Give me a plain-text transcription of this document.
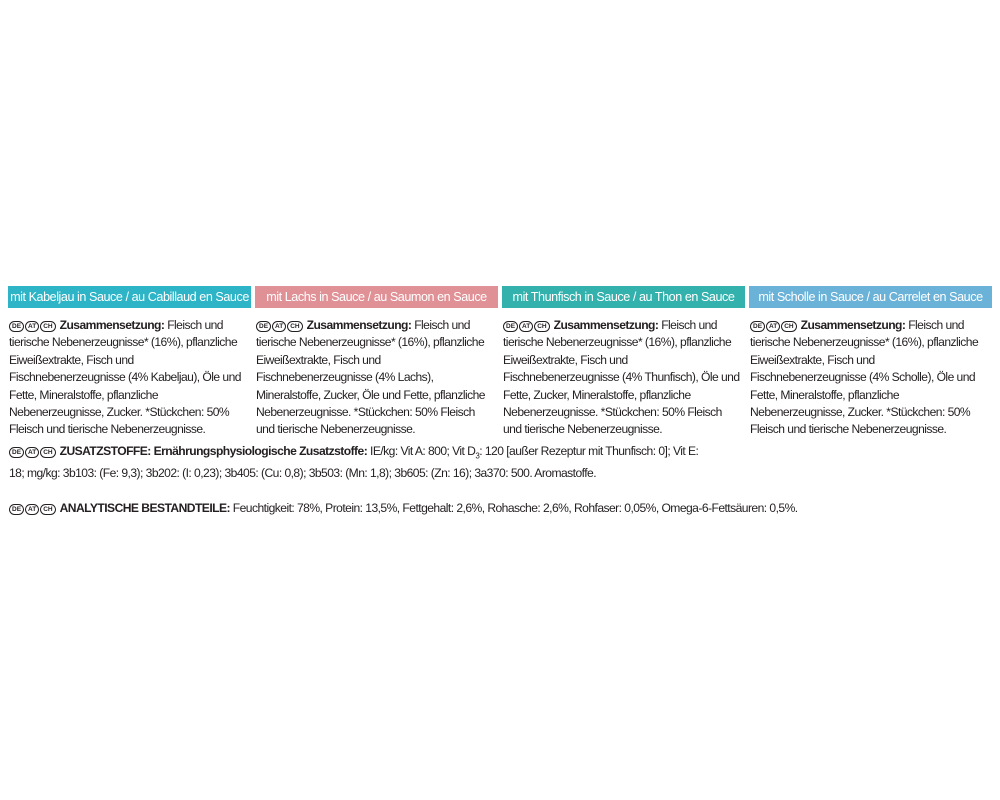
mit Kabeljau in Sauce / au Cabillaud en Sauce
DE	AT	CH Zusammensetzung: Fleisch und tierische Nebenerzeugnisse* (16%), pflanzliche Eiweißextrakte, Fisch und Fischnebenerzeugnisse (4% Kabeljau), Öle und Fette, Mineralstoffe, pflanzliche Nebenerzeugnisse, Zucker. *Stückchen: 50% Fleisch und tierische Nebenerzeugnisse.
mit Lachs in Sauce / au Saumon en Sauce
DE	AT	CH Zusammensetzung: Fleisch und tierische Nebenerzeugnisse* (16%), pflanzliche Eiweißextrakte, Fisch und Fischnebenerzeugnisse (4% Lachs), Mineralstoffe, Zucker, Öle und Fette, pflanzliche Nebenerzeugnisse. *Stückchen: 50% Fleisch und tierische Nebenerzeugnisse.
mit Thunfisch in Sauce / au Thon en Sauce
DE	AT	CH Zusammensetzung: Fleisch und tierische Nebenerzeugnisse* (16%), pflanzliche Eiweißextrakte, Fisch und Fischnebenerzeugnisse (4% Thunfisch), Öle und Fette, Zucker, Mineralstoffe, pflanzliche Nebenerzeugnisse. *Stückchen: 50% Fleisch und tierische Nebenerzeugnisse.
mit Scholle in Sauce / au Carrelet en Sauce
DE	AT	CH Zusammensetzung: Fleisch und tierische Nebenerzeugnisse* (16%), pflanzliche Eiweißextrakte, Fisch und Fischnebenerzeugnisse (4% Scholle), Öle und Fette, Mineralstoffe, pflanzliche Nebenerzeugnisse, Zucker. *Stückchen: 50% Fleisch und tierische Nebenerzeugnisse.
DE	AT	CH ZUSATZSTOFFE: Ernährungsphysiologische Zusatzstoffe: IE/kg: Vit A: 800; Vit $D_3$: 120 [außer Rezeptur mit Thunfisch: 0]; Vit E: 18; mg/kg: 3b103: (Fe: 9,3); 3b202: (I: 0,23); 3b405: (Cu: 0,8); 3b503: (Mn: 1,8); 3b605: (Zn: 16); 3a370: 500. Aromastoffe.
DE	AT	CH ANALYTISCHE BESTANDTEILE: Feuchtigkeit: 78%, Protein: 13,5%, Fettgehalt: 2,6%, Rohasche: 2,6%, Rohfaser: 0,05%, Omega-6-Fettsäuren: 0,5%.
